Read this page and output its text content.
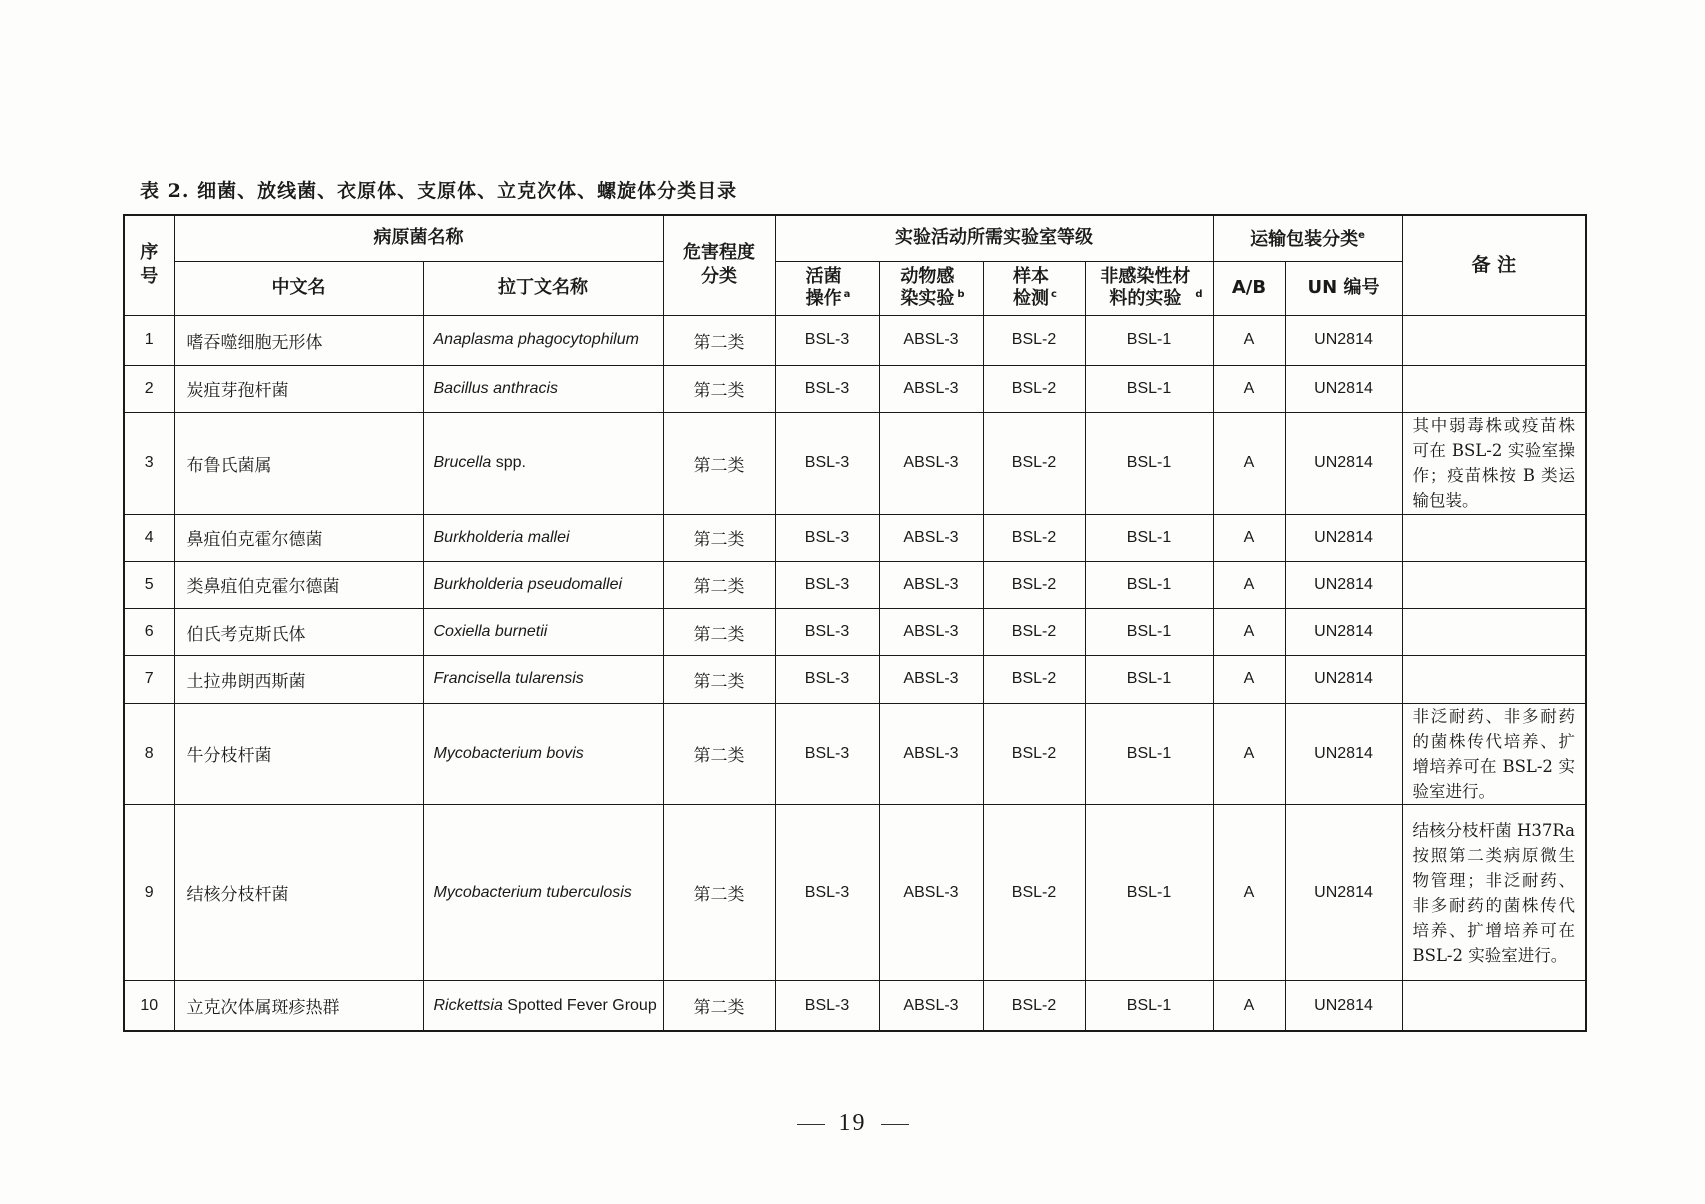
表 2. 细菌、放线菌、衣原体、支原体、立克次体、螺旋体分类目录
序号	病原菌名称		危害程度分类	实验活动所需实验室等级				运输包装分类$^e$		备 注
	中文名	拉丁文名称		活菌操作 $^a$	动物感染实验 $^b$	样本检测 $^c$	非感染性材料的实验 $^d$	A/B	UN 编号	
1	嗜吞噬细胞无形体	Anaplasma phagocytophilum	第二类	BSL-3	ABSL-3	BSL-2	BSL-1	A	UN2814	
2	炭疽芽孢杆菌	Bacillus anthracis	第二类	BSL-3	ABSL-3	BSL-2	BSL-1	A	UN2814	
3	布鲁氏菌属	Brucella spp.	第二类	BSL-3	ABSL-3	BSL-2	BSL-1	A	UN2814	其中弱毒株或疫苗株可在 BSL-2 实验室操作；疫苗株按 B 类运输包装。
4	鼻疽伯克霍尔德菌	Burkholderia mallei	第二类	BSL-3	ABSL-3	BSL-2	BSL-1	A	UN2814	
5	类鼻疽伯克霍尔德菌	Burkholderia pseudomallei	第二类	BSL-3	ABSL-3	BSL-2	BSL-1	A	UN2814	
6	伯氏考克斯氏体	Coxiella burnetii	第二类	BSL-3	ABSL-3	BSL-2	BSL-1	A	UN2814	
7	土拉弗朗西斯菌	Francisella tularensis	第二类	BSL-3	ABSL-3	BSL-2	BSL-1	A	UN2814	
8	牛分枝杆菌	Mycobacterium bovis	第二类	BSL-3	ABSL-3	BSL-2	BSL-1	A	UN2814	非泛耐药、非多耐药的菌株传代培养、扩增培养可在 BSL-2 实验室进行。
9	结核分枝杆菌	Mycobacterium tuberculosis	第二类	BSL-3	ABSL-3	BSL-2	BSL-1	A	UN2814	结核分枝杆菌 H37Ra 按照第二类病原微生物管理；非泛耐药、非多耐药的菌株传代培养、扩增培养可在 BSL-2 实验室进行。
10	立克次体属斑疹热群	Rickettsia Spotted Fever Group	第二类	BSL-3	ABSL-3	BSL-2	BSL-1	A	UN2814	
19
